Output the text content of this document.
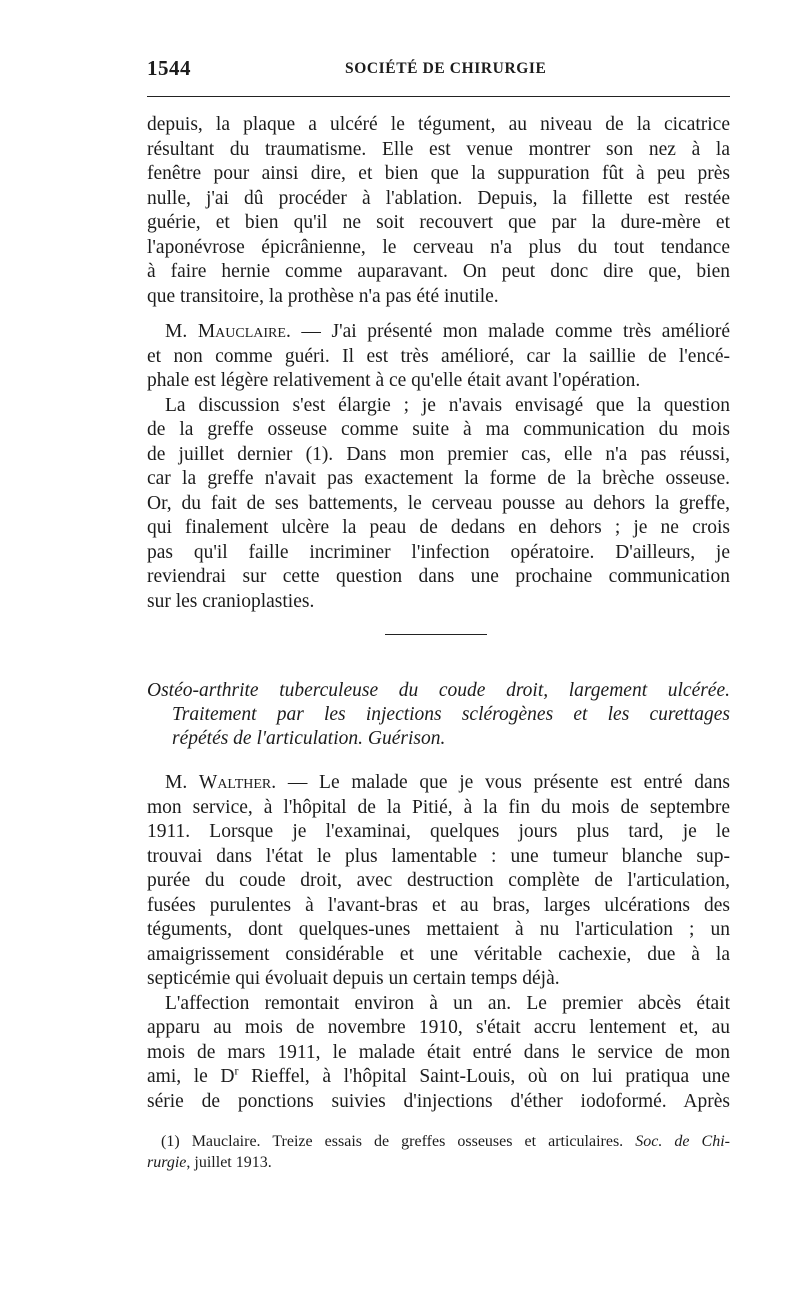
1544	SOCIÉTÉ DE CHIRURGIE
depuis, la plaque a ulcéré le tégument, au niveau de la cicatrice
résultant du traumatisme. Elle est venue montrer son nez à la
fenêtre pour ainsi dire, et bien que la suppuration fût à peu près
nulle, j'ai dû procéder à l'ablation. Depuis, la fillette est restée
guérie, et bien qu'il ne soit recouvert que par la dure-mère et
l'aponévrose épicrânienne, le cerveau n'a plus du tout tendance
à faire hernie comme auparavant. On peut donc dire que, bien
que transitoire, la prothèse n'a pas été inutile.
M. Mauclaire. — J'ai présenté mon malade comme très amélioré
et non comme guéri. Il est très amélioré, car la saillie de l'encé-
phale est légère relativement à ce qu'elle était avant l'opération.
La discussion s'est élargie ; je n'avais envisagé que la question
de la greffe osseuse comme suite à ma communication du mois
de juillet dernier (1). Dans mon premier cas, elle n'a pas réussi,
car la greffe n'avait pas exactement la forme de la brèche osseuse.
Or, du fait de ses battements, le cerveau pousse au dehors la greffe,
qui finalement ulcère la peau de dedans en dehors ; je ne crois
pas qu'il faille incriminer l'infection opératoire. D'ailleurs, je
reviendrai sur cette question dans une prochaine communication
sur les cranioplasties.
Ostéo-arthrite tuberculeuse du coude droit, largement ulcérée.
Traitement par les injections sclérogènes et les curettages
répétés de l'articulation. Guérison.
M. Walther. — Le malade que je vous présente est entré dans
mon service, à l'hôpital de la Pitié, à la fin du mois de septembre
1911. Lorsque je l'examinai, quelques jours plus tard, je le
trouvai dans l'état le plus lamentable : une tumeur blanche sup-
purée du coude droit, avec destruction complète de l'articulation,
fusées purulentes à l'avant-bras et au bras, larges ulcérations des
téguments, dont quelques-unes mettaient à nu l'articulation ; un
amaigrissement considérable et une véritable cachexie, due à la
septicémie qui évoluait depuis un certain temps déjà.
L'affection remontait environ à un an. Le premier abcès était
apparu au mois de novembre 1910, s'était accru lentement et, au
mois de mars 1911, le malade était entré dans le service de mon
ami, le $D^r$ Rieffel, à l'hôpital Saint-Louis, où on lui pratiqua une
série de ponctions suivies d'injections d'éther iodoformé. Après
(1) Mauclaire. Treize essais de greffes osseuses et articulaires. Soc. de Chi-
rurgie, juillet 1913.
